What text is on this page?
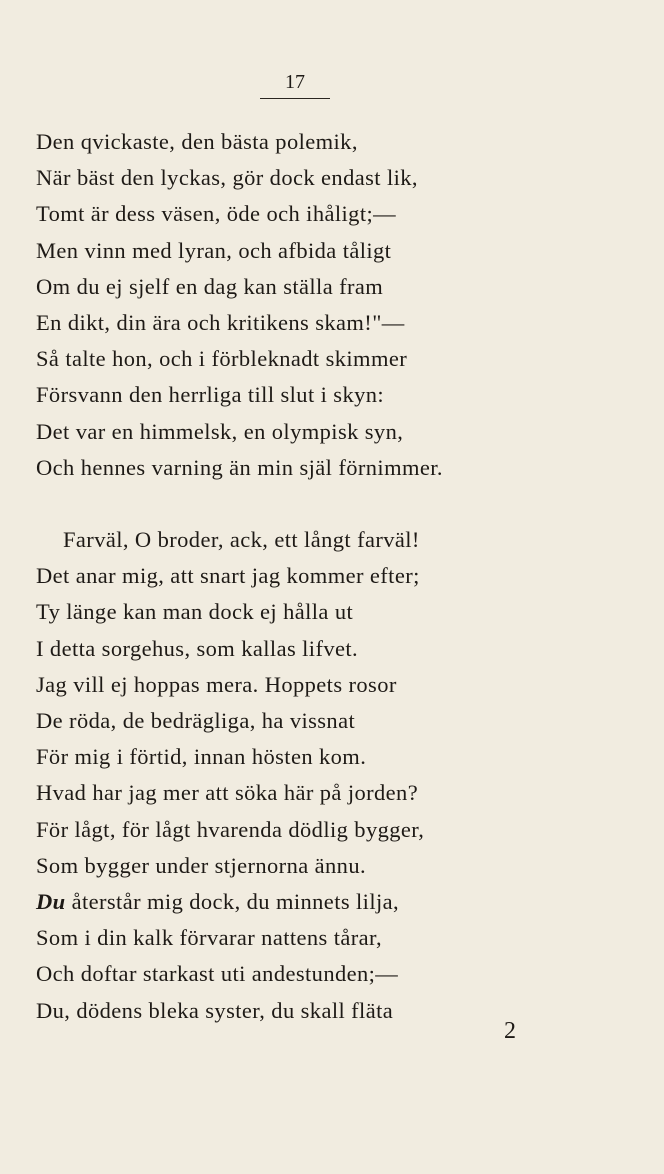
17
Den qvickaste, den bästa polemik,
När bäst den lyckas, gör dock endast lik,
Tomt är dess väsen, öde och ihåligt;—
Men vinn med lyran, och afbida tåligt
Om du ej sjelf en dag kan ställa fram
En dikt, din ära och kritikens skam!"—
Så talte hon, och i förbleknadt skimmer
Försvann den herrliga till slut i skyn:
Det var en himmelsk, en olympisk syn,
Och hennes varning än min själ förnimmer.
Farväl, O broder, ack, ett långt farväl!
Det anar mig, att snart jag kommer efter;
Ty länge kan man dock ej hålla ut
I detta sorgehus, som kallas lifvet.
Jag vill ej hoppas mera. Hoppets rosor
De röda, de bedrägliga, ha vissnat
För mig i förtid, innan hösten kom.
Hvad har jag mer att söka här på jorden?
För lågt, för lågt hvarenda dödlig bygger,
Som bygger under stjernorna ännu.
Du återstår mig dock, du minnets lilja,
Som i din kalk förvarar nattens tårar,
Och doftar starkast uti andestunden;—
Du, dödens bleka syster, du skall fläta
2
